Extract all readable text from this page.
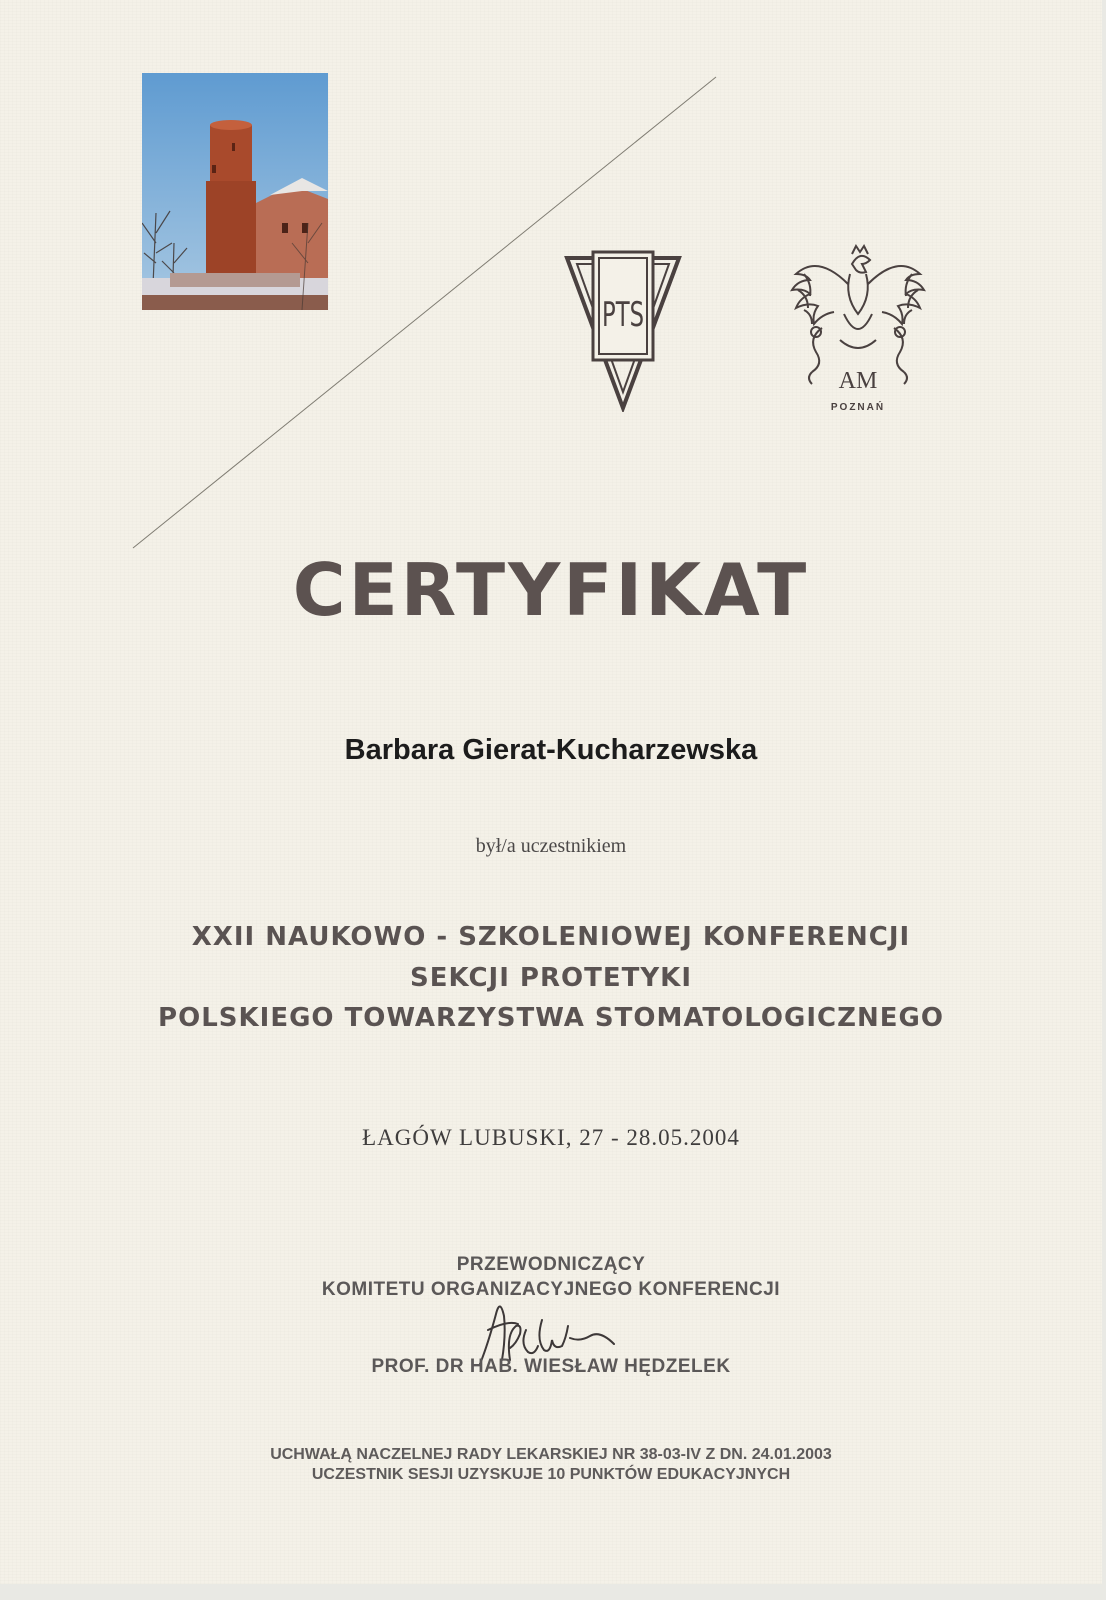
PTS
AM
POZNAŃ
CERTYFIKAT
Barbara Gierat-Kucharzewska
był/a uczestnikiem
XXII NAUKOWO - SZKOLENIOWEJ KONFERENCJI
SEKCJI PROTETYKI
POLSKIEGO TOWARZYSTWA STOMATOLOGICZNEGO
ŁAGÓW LUBUSKI, 27 - 28.05.2004
PRZEWODNICZĄCY
KOMITETU ORGANIZACYJNEGO KONFERENCJI
PROF. DR HAB. WIESŁAW HĘDZELEK
UCHWAŁĄ NACZELNEJ RADY LEKARSKIEJ NR 38-03-IV Z DN. 24.01.2003
UCZESTNIK SESJI UZYSKUJE 10 PUNKTÓW EDUKACYJNYCH
